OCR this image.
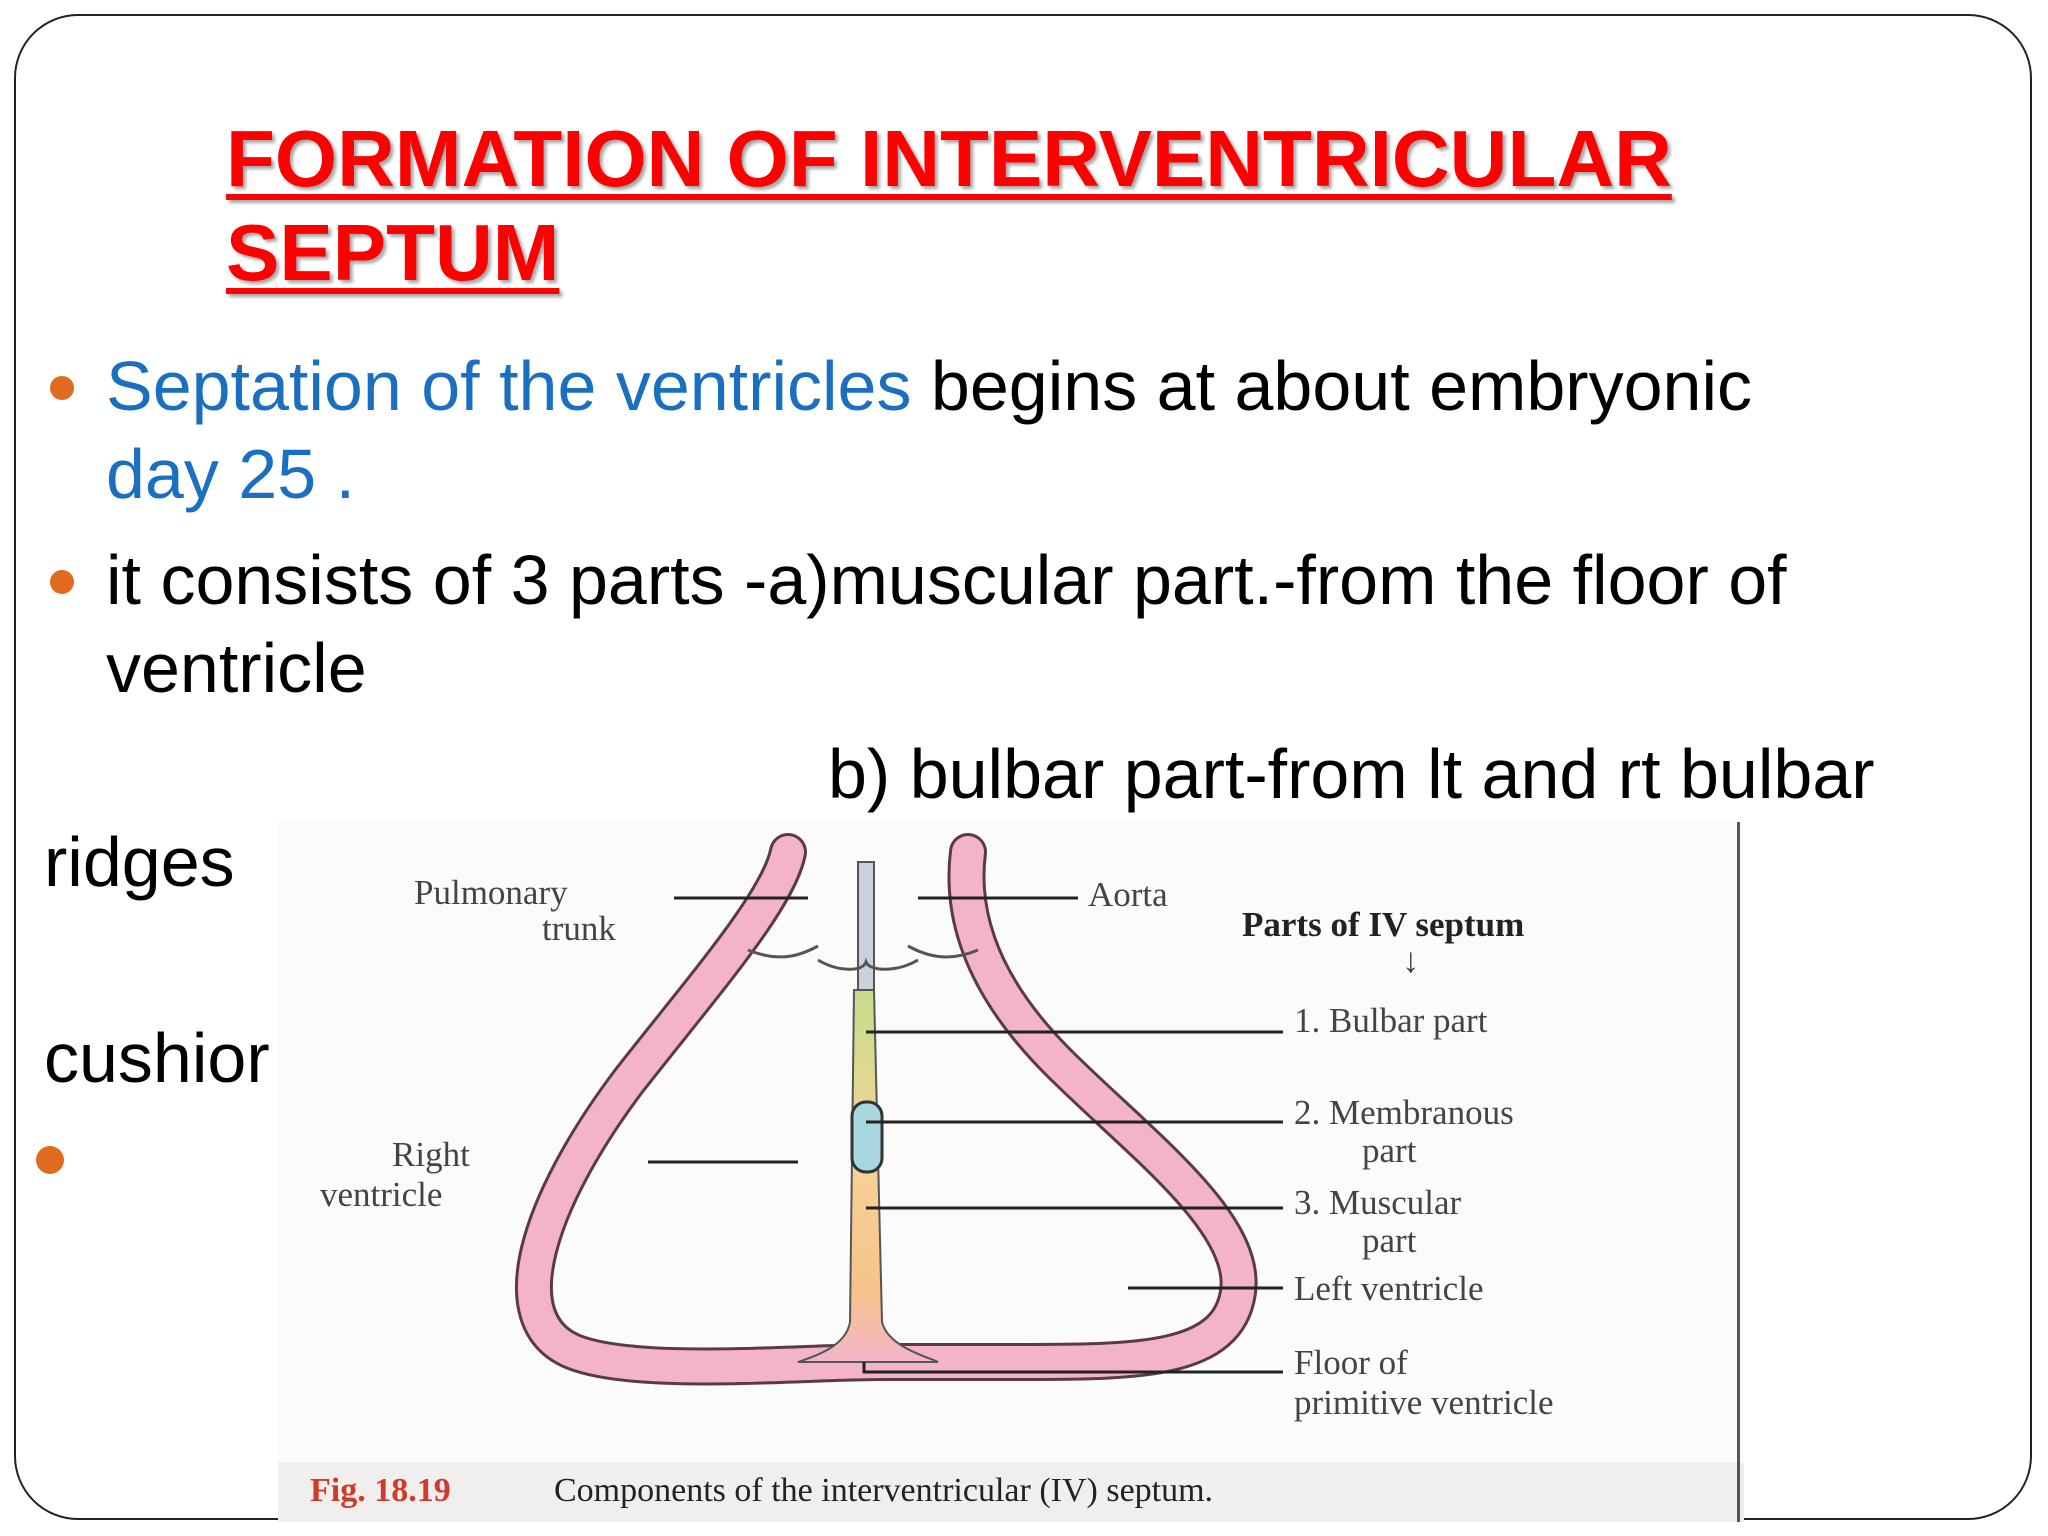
FORMATION OF INTERVENTRICULAR
SEPTUM
Septation of the ventricles begins at about embryonic
day 25 .
it consists of 3 parts -a)muscular part.-from the floor of
ventricle
b) bulbar part-from lt and rt bulbar
ridges
cushior
Pulmonary
trunk
Aorta
Parts of IV septum
↓
1. Bulbar part
2. Membranous
part
3. Muscular
part
Left ventricle
Floor of
primitive ventricle
Right
ventricle
Fig. 18.19	Components of the interventricular (IV) septum.
